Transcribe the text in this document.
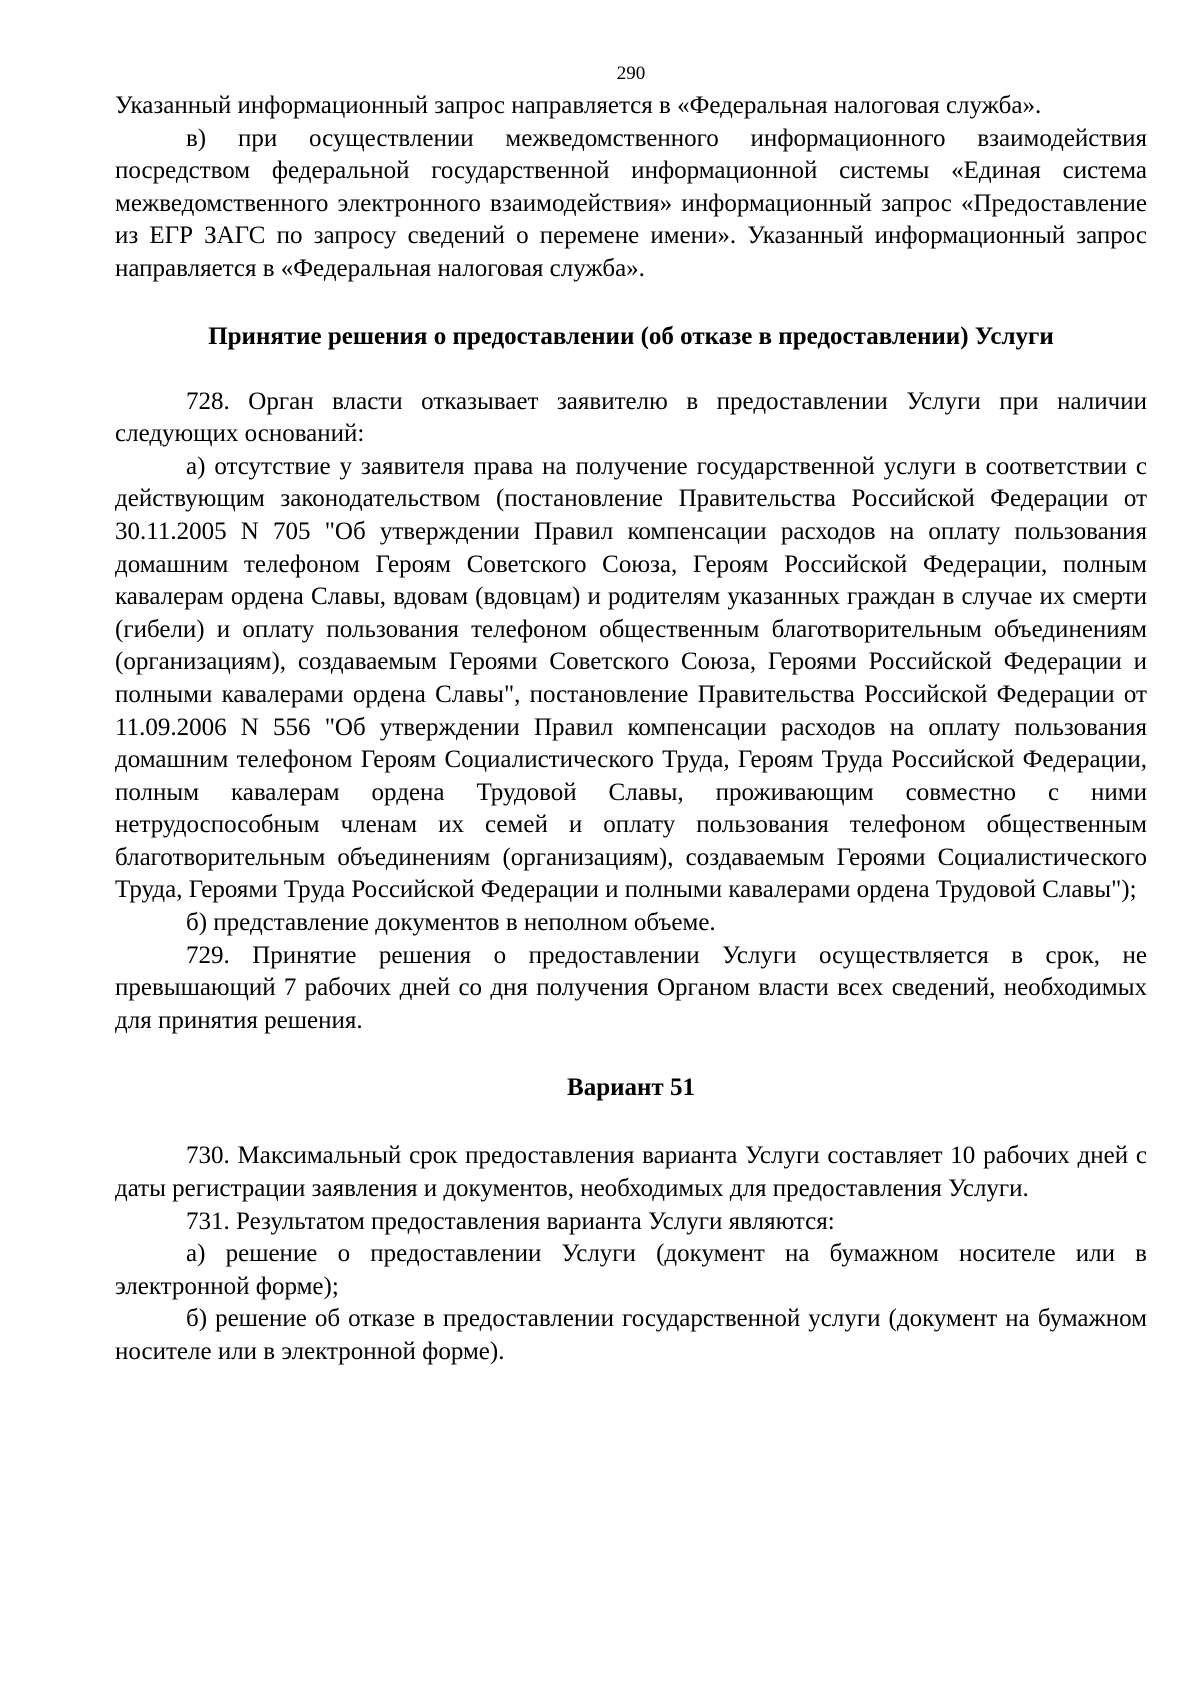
290

Указанный информационный запрос направляется в «Федеральная налоговая служба».

в) при осуществлении межведомственного информационного взаимодействия посредством федеральной государственной информационной системы «Единая система межведомственного электронного взаимодействия» информационный запрос «Предоставление из ЕГР ЗАГС по запросу сведений о перемене имени». Указанный информационный запрос направляется в «Федеральная налоговая служба».

Принятие решения о предоставлении (об отказе в предоставлении) Услуги

728. Орган власти отказывает заявителю в предоставлении Услуги при наличии следующих оснований:

а) отсутствие у заявителя права на получение государственной услуги в соответствии с действующим законодательством (постановление Правительства Российской Федерации от 30.11.2005 N 705 "Об утверждении Правил компенсации расходов на оплату пользования домашним телефоном Героям Советского Союза, Героям Российской Федерации, полным кавалерам ордена Славы, вдовам (вдовцам) и родителям указанных граждан в случае их смерти (гибели) и оплату пользования телефоном общественным благотворительным объединениям (организациям), создаваемым Героями Советского Союза, Героями Российской Федерации и полными кавалерами ордена Славы", постановление Правительства Российской Федерации от 11.09.2006 N 556 "Об утверждении Правил компенсации расходов на оплату пользования домашним телефоном Героям Социалистического Труда, Героям Труда Российской Федерации, полным кавалерам ордена Трудовой Славы, проживающим совместно с ними нетрудоспособным членам их семей и оплату пользования телефоном общественным благотворительным объединениям (организациям), создаваемым Героями Социалистического Труда, Героями Труда Российской Федерации и полными кавалерами ордена Трудовой Славы");

б) представление документов в неполном объеме.

729. Принятие решения о предоставлении Услуги осуществляется в срок, не превышающий 7 рабочих дней со дня получения Органом власти всех сведений, необходимых для принятия решения.

Вариант 51

730. Максимальный срок предоставления варианта Услуги составляет 10 рабочих дней с даты регистрации заявления и документов, необходимых для предоставления Услуги.

731. Результатом предоставления варианта Услуги являются:

а) решение о предоставлении Услуги (документ на бумажном носителе или в электронной форме);

б) решение об отказе в предоставлении государственной услуги (документ на бумажном носителе или в электронной форме).
